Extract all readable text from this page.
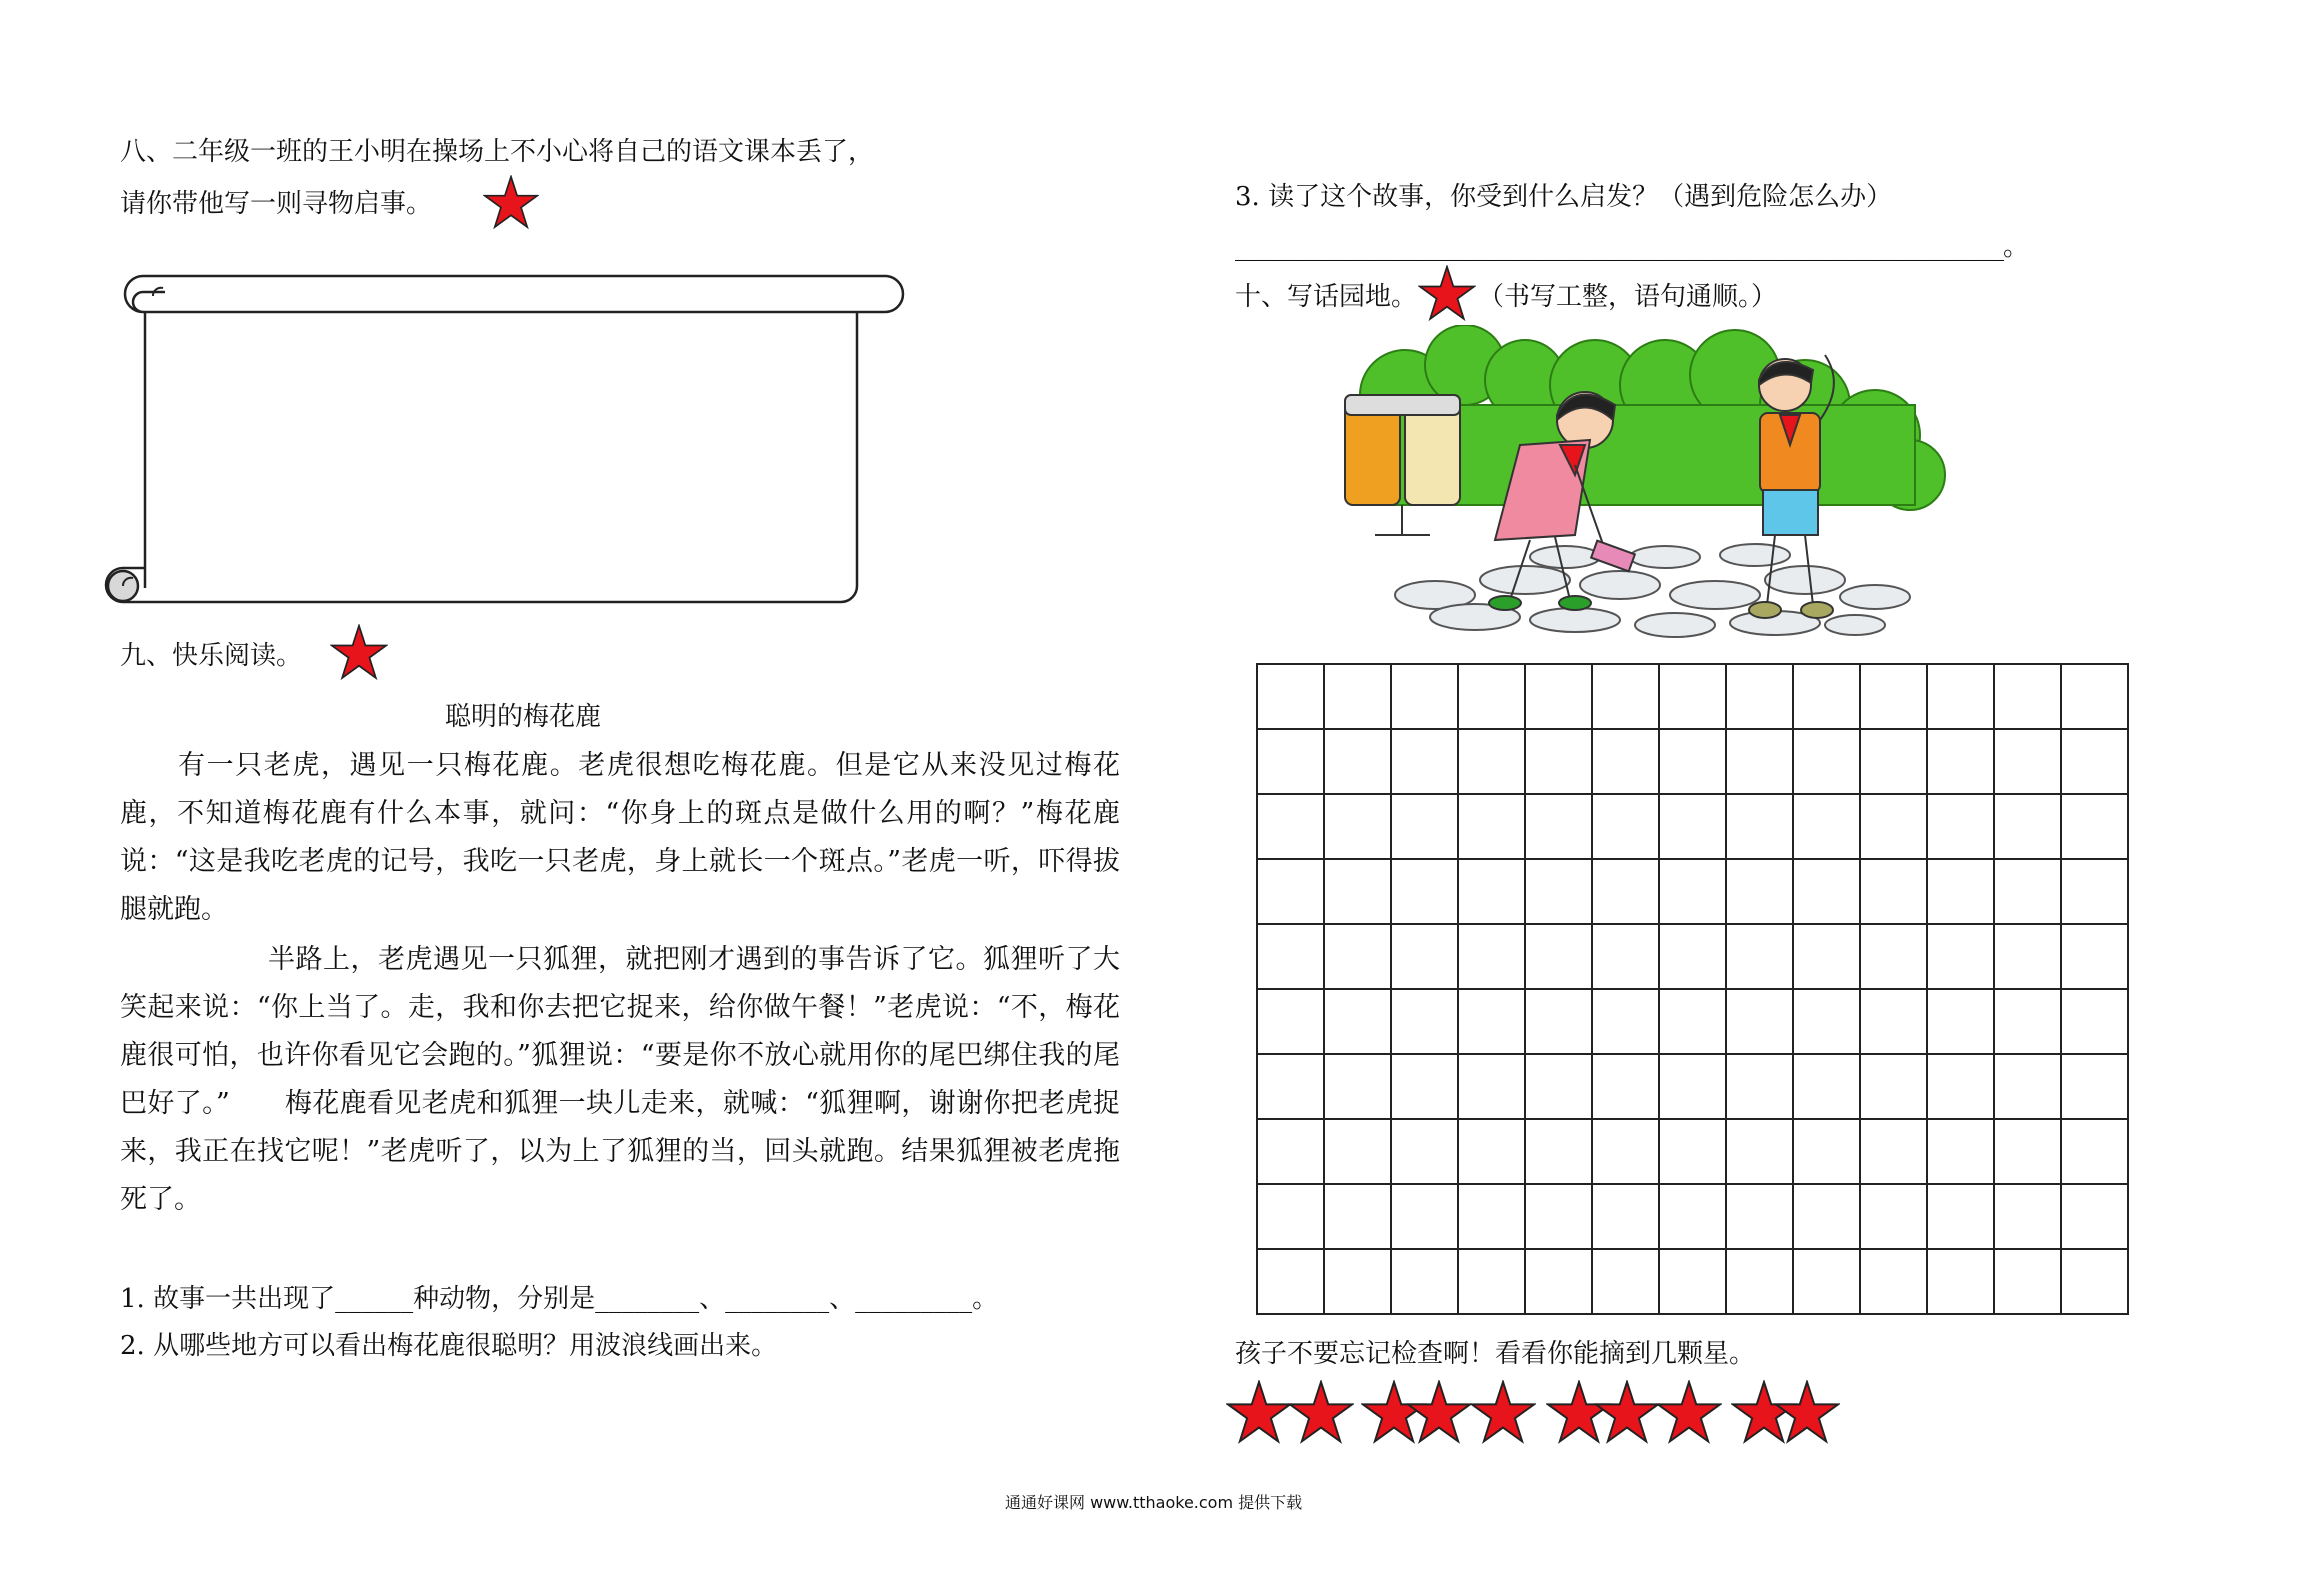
八、二年级一班的王小明在操场上不小心将自己的语文课本丢了，
请你带他写一则寻物启事。
九、快乐阅读。
聪明的梅花鹿
有一只老虎，遇见一只梅花鹿。老虎很想吃梅花鹿。但是它从来没见过梅花鹿，不知道梅花鹿有什么本事，就问：“你身上的斑点是做什么用的啊？”梅花鹿说：“这是我吃老虎的记号，我吃一只老虎，身上就长一个斑点。”老虎一听，吓得拔腿就跑。
半路上，老虎遇见一只狐狸，就把刚才遇到的事告诉了它。狐狸听了大笑起来说：“你上当了。走，我和你去把它捉来，给你做午餐！”老虎说：“不，梅花鹿很可怕，也许你看见它会跑的。”狐狸说：“要是你不放心就用你的尾巴绑住我的尾巴好了。”　　梅花鹿看见老虎和狐狸一块儿走来，就喊：“狐狸啊，谢谢你把老虎捉来，我正在找它呢！”老虎听了，以为上了狐狸的当，回头就跑。结果狐狸被老虎拖死了。
1. 故事一共出现了______种动物，分别是________、________、_________。
2. 从哪些地方可以看出梅花鹿很聪明？用波浪线画出来。
3. 读了这个故事，你受到什么启发？（遇到危险怎么办）
________________________________________________________________。
十、写话园地。 （书写工整，语句通顺。）

孩子不要忘记检查啊！看看你能摘到几颗星。
通通好课网 www.tthaoke.com 提供下载
